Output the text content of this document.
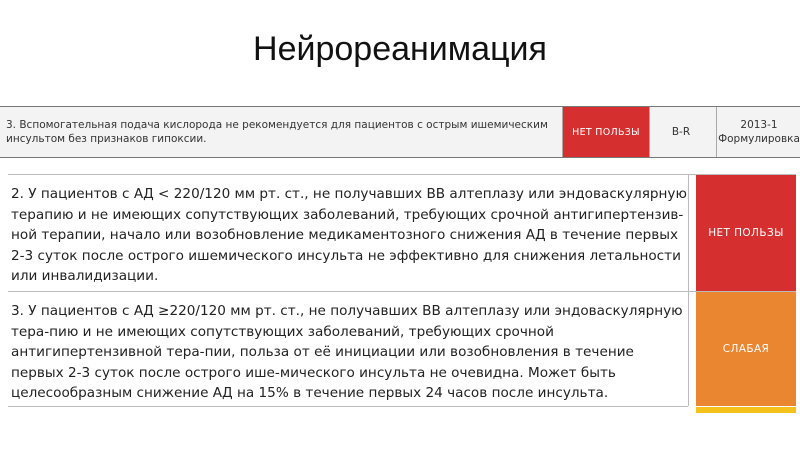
Нейрореанимация
3. Вспомогательная подача кислорода не рекомендуется для пациентов с острым ишемическим инсультом без признаков гипоксии.
НЕТ ПОЛЬЗЫ	B-R
2013-1
Формулировка
2. У пациентов с АД < 220/120 мм рт. ст., не получавших ВВ алтеплазу или эндоваскулярную терапию и не имеющих сопутствующих заболеваний, требующих срочной антигипертензив-ной терапии, начало или возобновление медикаментозного снижения АД в течение первых 2-3 суток после острого ишемического инсульта не эффективно для снижения летальности или инвалидизации.
НЕТ ПОЛЬЗЫ
3. У пациентов с АД ≥220/120 мм рт. ст., не получавших ВВ алтеплазу или эндоваскулярную тера-пию и не имеющих сопутствующих заболеваний, требующих срочной антигипертензивной тера-пии, польза от её инициации или возобновления в течение первых 2-3 суток после острого ише-мического инсульта не очевидна. Может быть целесообразным снижение АД на 15% в течение первых 24 часов после инсульта.
СЛАБАЯ
